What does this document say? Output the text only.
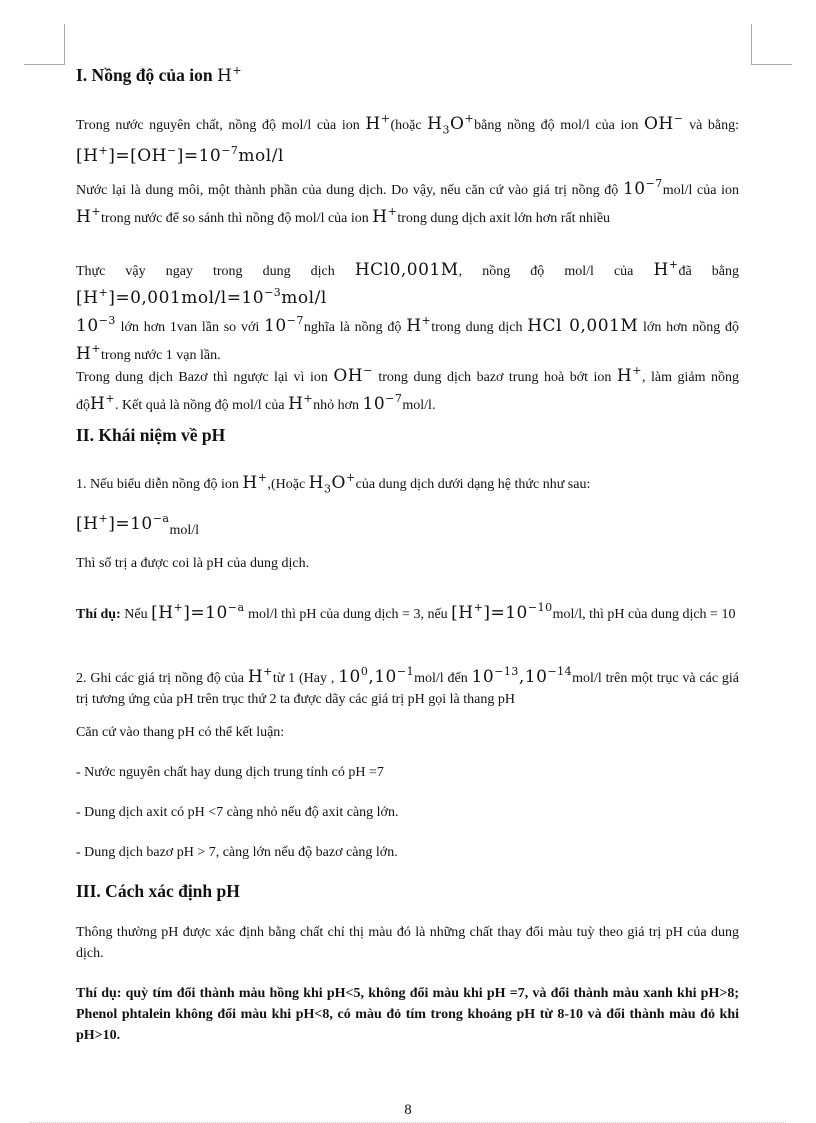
I. Nồng độ của ion H+

Trong nước nguyên chất, nồng độ mol/l của ion H+(hoặc $H_3O^+bằng$ nồng độ mol/l của ion OH− và bằng: $[H^+]=[OH^-]=10^{-7}mol/l$

Nước lại là dung môi, một thành phần của dung dịch. Do vậy, nếu căn cứ vào giá trị nồng độ $10^{-7}mol/l$ của ion H+trong nước để so sánh thì nồng độ mol/l của ion H+trong dung dịch axit lớn hơn rất nhiều

Thực vậy ngay trong dung dịch HCl0,001M, nồng độ mol/l của H+đã bằng $[H^+]=0,001mol/l=10^{-3}mol/l$
$10^{-3}$ lớn hơn 1van lần so với $10^{-7}nghĩa$ là nồng độ H+trong dung dịch HCl 0,001M lớn hơn nồng độ H+trong nước 1 vạn lần.

Trong dung dịch Bazơ thì ngược lại vì ion OH− trong dung dịch bazơ trung hoà bớt ion H+, làm giảm nồng độH+. Kết quả là nồng độ mol/l của H+nhỏ hơn $10^{-7}mol/l$.

II. Khái niệm về pH

1. Nếu biểu diễn nồng độ ion H+,(Hoặc $H_3O^+của$ dung dịch dưới dạng hệ thức như sau:

$[H^+]=10^{-a}mol/l$

Thì số trị a được coi là pH của dung dịch.

Thí dụ: Nếu $[H^+]=10^{-a}$ mol/l thì pH của dung dịch = 3, nếu $[H^+]=10^{-10}mol/l$, thì pH của dung dịch = 10

2. Ghi các giá trị nồng độ của H+từ 1 (Hay , $10^0,10^{-1}mol/l$ đến $10^{-13},10^{-14}mol/l$ trên một trục và các giá trị tương ứng của pH trên trục thứ 2 ta được dãy các giá trị pH gọi là thang pH

Căn cứ vào thang pH có thể kết luận:

- Nước nguyên chất hay dung dịch trung tính có pH =7

- Dung dịch axit có pH <7 càng nhỏ nếu độ axit càng lớn.

- Dung dịch bazơ pH > 7, càng lớn nếu độ bazơ càng lớn.

III. Cách xác định pH

Thông thường pH được xác định bằng chất chỉ thị màu đó là những chất thay đổi màu tuỳ theo giá trị pH của dung dịch.

Thí dụ: quỳ tím đổi thành màu hồng khi pH<5, không đổi màu khi pH =7, và đổi thành màu xanh khi pH>8; Phenol phtalein không đổi màu khi pH<8, có màu đỏ tím trong khoảng pH từ 8-10 và đổi thành màu đỏ khi pH>10.

8
